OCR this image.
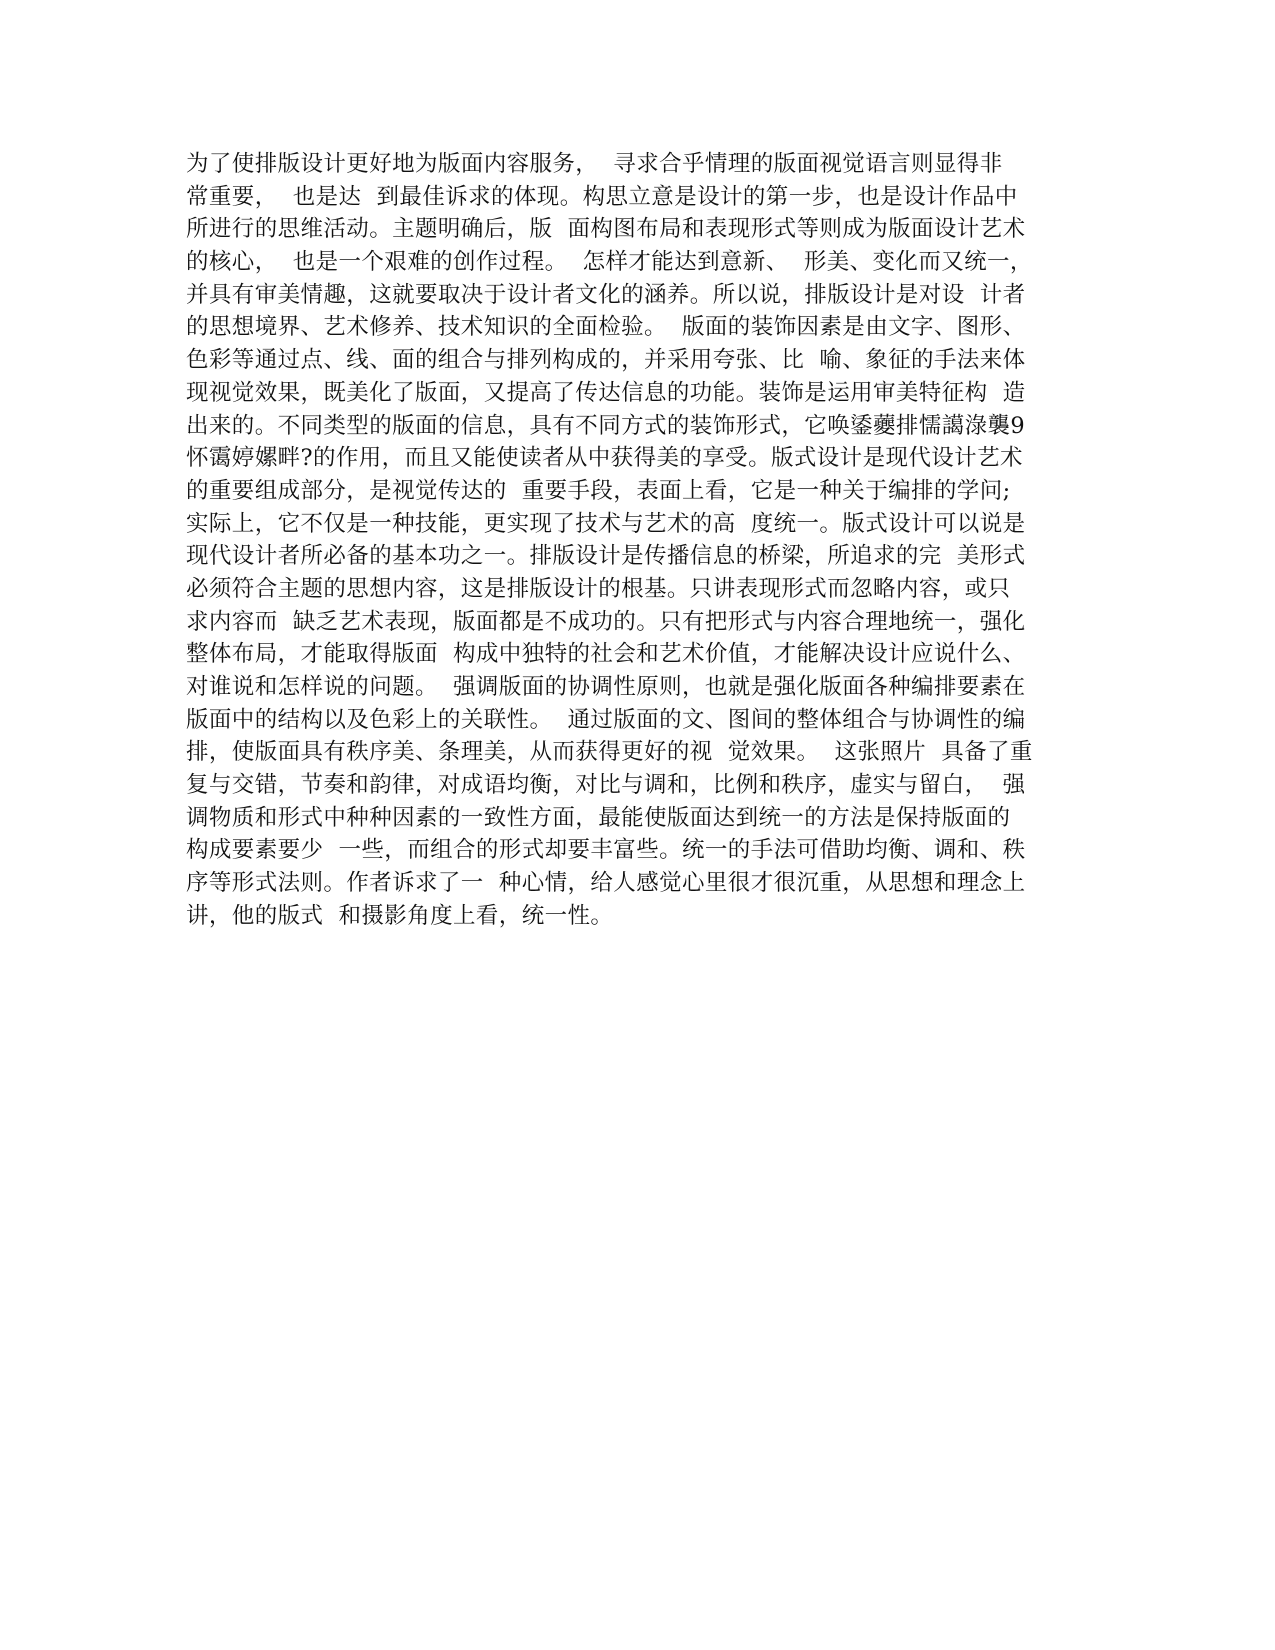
为了使排版设计更好地为版面内容服务，  寻求合乎情理的版面视觉语言则显得非
常重要，  也是达  到最佳诉求的体现。构思立意是设计的第一步，也是设计作品中
所进行的思维活动。主题明确后，版  面构图布局和表现形式等则成为版面设计艺术
的核心，  也是一个艰难的创作过程。  怎样才能达到意新、  形美、变化而又统一，
并具有审美情趣，这就要取决于设计者文化的涵养。所以说，排版设计是对设  计者
的思想境界、艺术修养、技术知识的全面检验。  版面的装饰因素是由文字、图形、
色彩等通过点、线、面的组合与排列构成的，并采用夸张、比  喻、象征的手法来体
现视觉效果，既美化了版面，又提高了传达信息的功能。装饰是运用审美特征构  造
出来的。不同类型的版面的信息，具有不同方式的装饰形式，它唤鋈虁排懦譪淥襲9
怀霭婷嫘畔?的作用，而且又能使读者从中获得美的享受。版式设计是现代设计艺术
的重要组成部分，是视觉传达的  重要手段，表面上看，它是一种关于编排的学问;
实际上，它不仅是一种技能，更实现了技术与艺术的高  度统一。版式设计可以说是
现代设计者所必备的基本功之一。排版设计是传播信息的桥梁，所追求的完  美形式
必须符合主题的思想内容，这是排版设计的根基。只讲表现形式而忽略内容，或只
求内容而  缺乏艺术表现，版面都是不成功的。只有把形式与内容合理地统一，强化
整体布局，才能取得版面  构成中独特的社会和艺术价值，才能解决设计应说什么、
对谁说和怎样说的问题。  强调版面的协调性原则，也就是强化版面各种编排要素在
版面中的结构以及色彩上的关联性。  通过版面的文、图间的整体组合与协调性的编
排，使版面具有秩序美、条理美，从而获得更好的视  觉效果。  这张照片  具备了重
复与交错，节奏和韵律，对成语均衡，对比与调和，比例和秩序，虚实与留白，  强
调物质和形式中种种因素的一致性方面，最能使版面达到统一的方法是保持版面的
构成要素要少  一些，而组合的形式却要丰富些。统一的手法可借助均衡、调和、秩
序等形式法则。作者诉求了一  种心情，给人感觉心里很才很沉重，从思想和理念上
讲，他的版式  和摄影角度上看，统一性。
